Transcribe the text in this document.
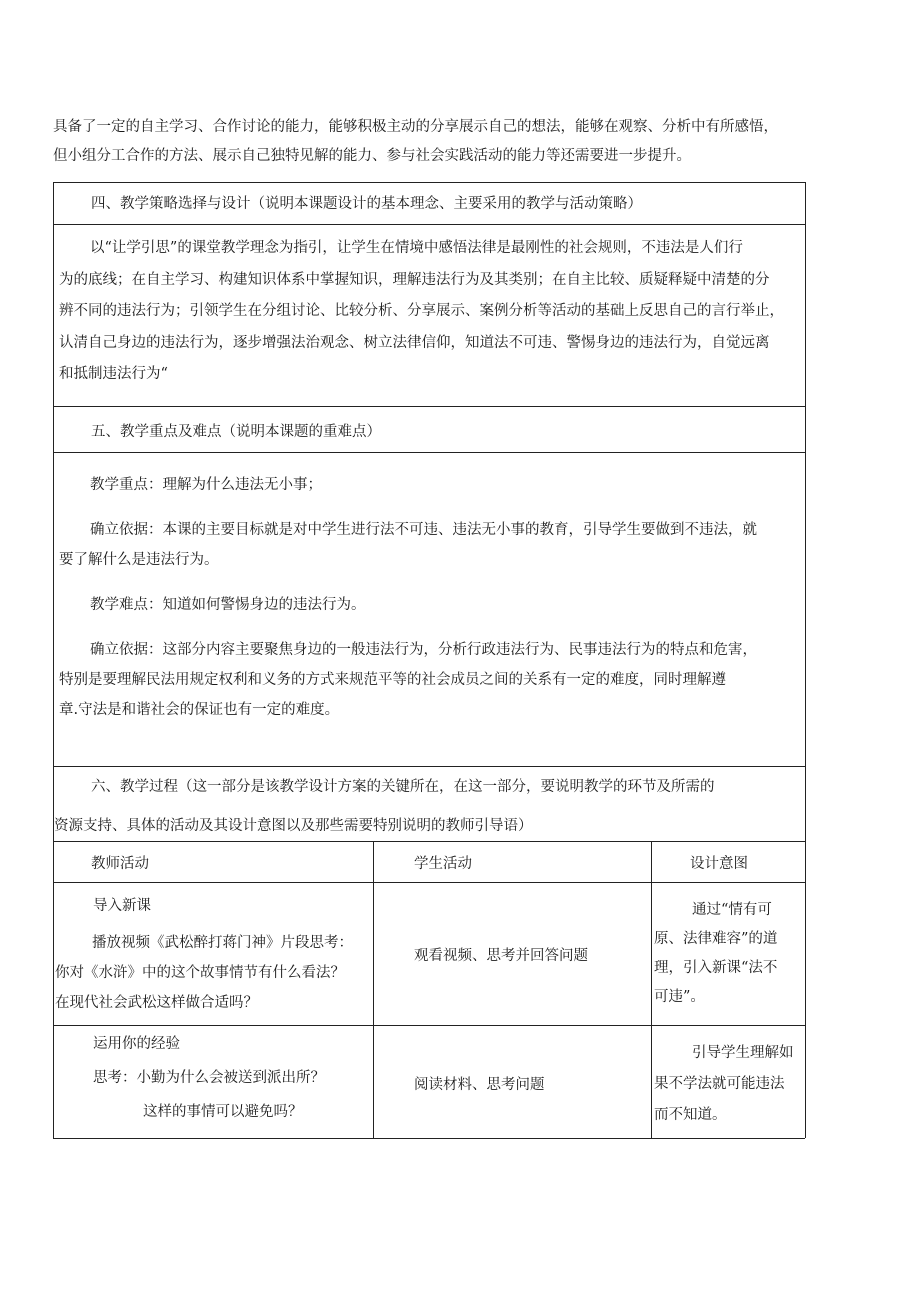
具备了一定的自主学习、合作讨论的能力，能够积极主动的分享展示自己的想法，能够在观察、分析中有所感悟，

但小组分工合作的方法、展示自己独特见解的能力、参与社会实践活动的能力等还需要进一步提升。

四、教学策略选择与设计（说明本课题设计的基本理念、主要采用的教学与活动策略）

以“让学引思”的课堂教学理念为指引，让学生在情境中感悟法律是最刚性的社会规则，不违法是人们行

为的底线；在自主学习、构建知识体系中掌握知识，理解违法行为及其类别；在自主比较、质疑释疑中清楚的分

辨不同的违法行为；引领学生在分组讨论、比较分析、分享展示、案例分析等活动的基础上反思自己的言行举止，

认清自己身边的违法行为，逐步增强法治观念、树立法律信仰，知道法不可违、警惕身边的违法行为，自觉远离

和抵制违法行为“

五、教学重点及难点（说明本课题的重难点）

教学重点：理解为什么违法无小事；

确立依据：本课的主要目标就是对中学生进行法不可违、违法无小事的教育，引导学生要做到不违法，就

要了解什么是违法行为。

教学难点：知道如何警惕身边的违法行为。

确立依据：这部分内容主要聚焦身边的一般违法行为，分析行政违法行为、民事违法行为的特点和危害，

特别是要理解民法用规定权利和义务的方式来规范平等的社会成员之间的关系有一定的难度，同时理解遵

章.守法是和谐社会的保证也有一定的难度。

六、教学过程（这一部分是该教学设计方案的关键所在，在这一部分，要说明教学的环节及所需的
资源支持、具体的活动及其设计意图以及那些需要特别说明的教师引导语）
教师活动	学生活动	设计意图

导入新课

播放视频《武松醉打蒋门神》片段思考：

你对《水浒》中的这个故事情节有什么看法？

在现代社会武松这样做合适吗？

观看视频、思考并回答问题

通过“情有可

原、法律难容”的道

理，引入新课“法不

可违”。

运用你的经验

思考：小勤为什么会被送到派出所？

这样的事情可以避免吗？

阅读材料、思考问题

引导学生理解如

果不学法就可能违法

而不知道。
